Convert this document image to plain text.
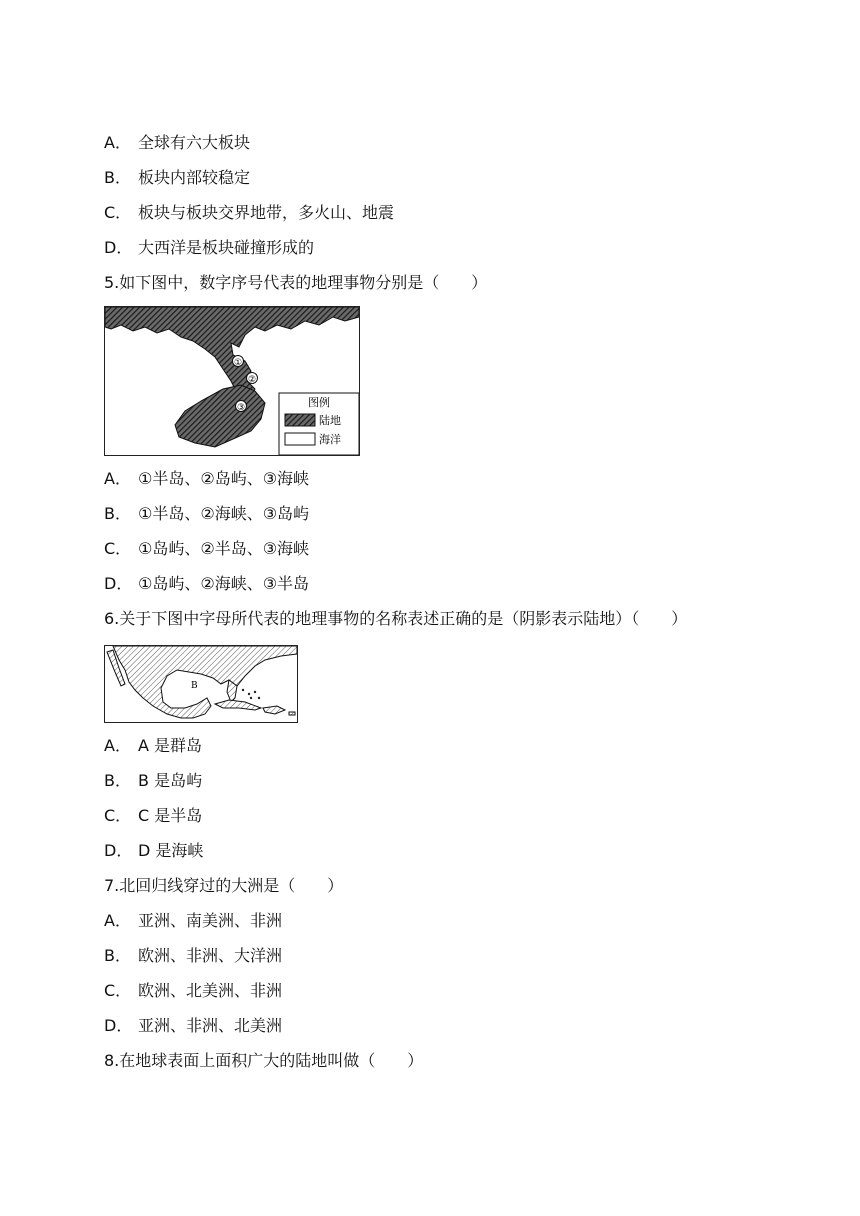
A． 全球有六大板块
B． 板块内部较稳定
C． 板块与板块交界地带，多火山、地震
D． 大西洋是板块碰撞形成的
5.如下图中，数字序号代表的地理事物分别是（　　）
①
②
③	图例
陆地
海洋
A． ①半岛、②岛屿、③海峡
B． ①半岛、②海峡、③岛屿
C． ①岛屿、②半岛、③海峡
D． ①岛屿、②海峡、③半岛
6.关于下图中字母所代表的地理事物的名称表述正确的是（阴影表示陆地）（　　）
B
A． A 是群岛
B． B 是岛屿
C． C 是半岛
D． D 是海峡
7.北回归线穿过的大洲是（　　）
A． 亚洲、南美洲、非洲
B． 欧洲、非洲、大洋洲
C． 欧洲、北美洲、非洲
D． 亚洲、非洲、北美洲
8.在地球表面上面积广大的陆地叫做（　　）
